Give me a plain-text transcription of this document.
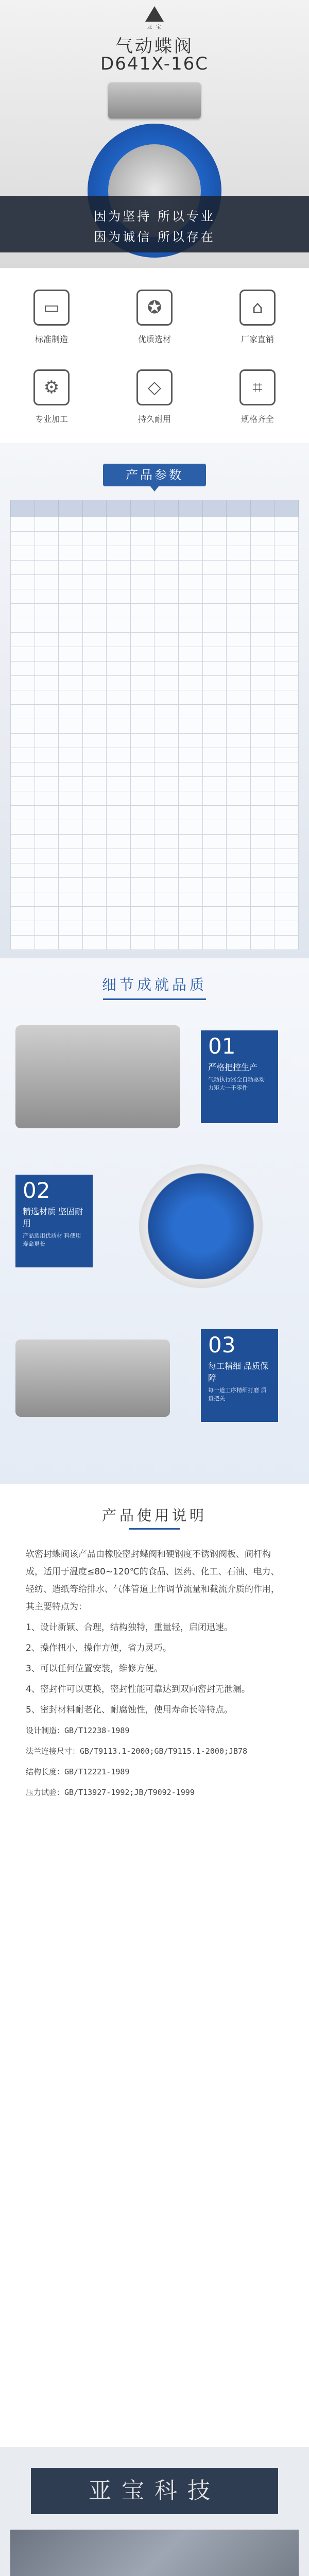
亚 宝
气动蝶阀
D641X-16C
因为坚持 所以专业
因为诚信 所以存在
▭
标准制造
✪
优质选材
⌂
厂家直销
⚙
专业加工
◇
持久耐用
⌗
规格齐全
产品参数

细节成就品质
01
严格把控生产
气动执行器全自动驱动 力矩大一千零件
02
精选材质 坚固耐用
产品选用优质材 料使用寿命更长
03
每工精细 品质保障
每一道工序精细打磨 质量把关
产品使用说明

软密封蝶阀该产品由橡胶密封蝶阀和硬钢度不锈钢阀板、阀杆构成，适用于温度≤80~120℃的食品、医药、化工、石油、电力、轻纺、造纸等给排水、气体管道上作调节流量和截流介质的作用，其主要特点为：

1、设计新颖、合理，结构独特，重量轻，启闭迅速。

2、操作扭小，操作方便，省力灵巧。

3、可以任何位置安装，维修方便。

4、密封件可以更换，密封性能可靠达到双向密封无泄漏。

5、密封材料耐老化、耐腐蚀性，使用寿命长等特点。

设计制造：GB/T12238-1989

法兰连接尺寸：GB/T9113.1-2000;GB/T9115.1-2000;JB78

结构长度：GB/T12221-1989

压力试验：GB/T13927-1992;JB/T9092-1999

亚宝科技
